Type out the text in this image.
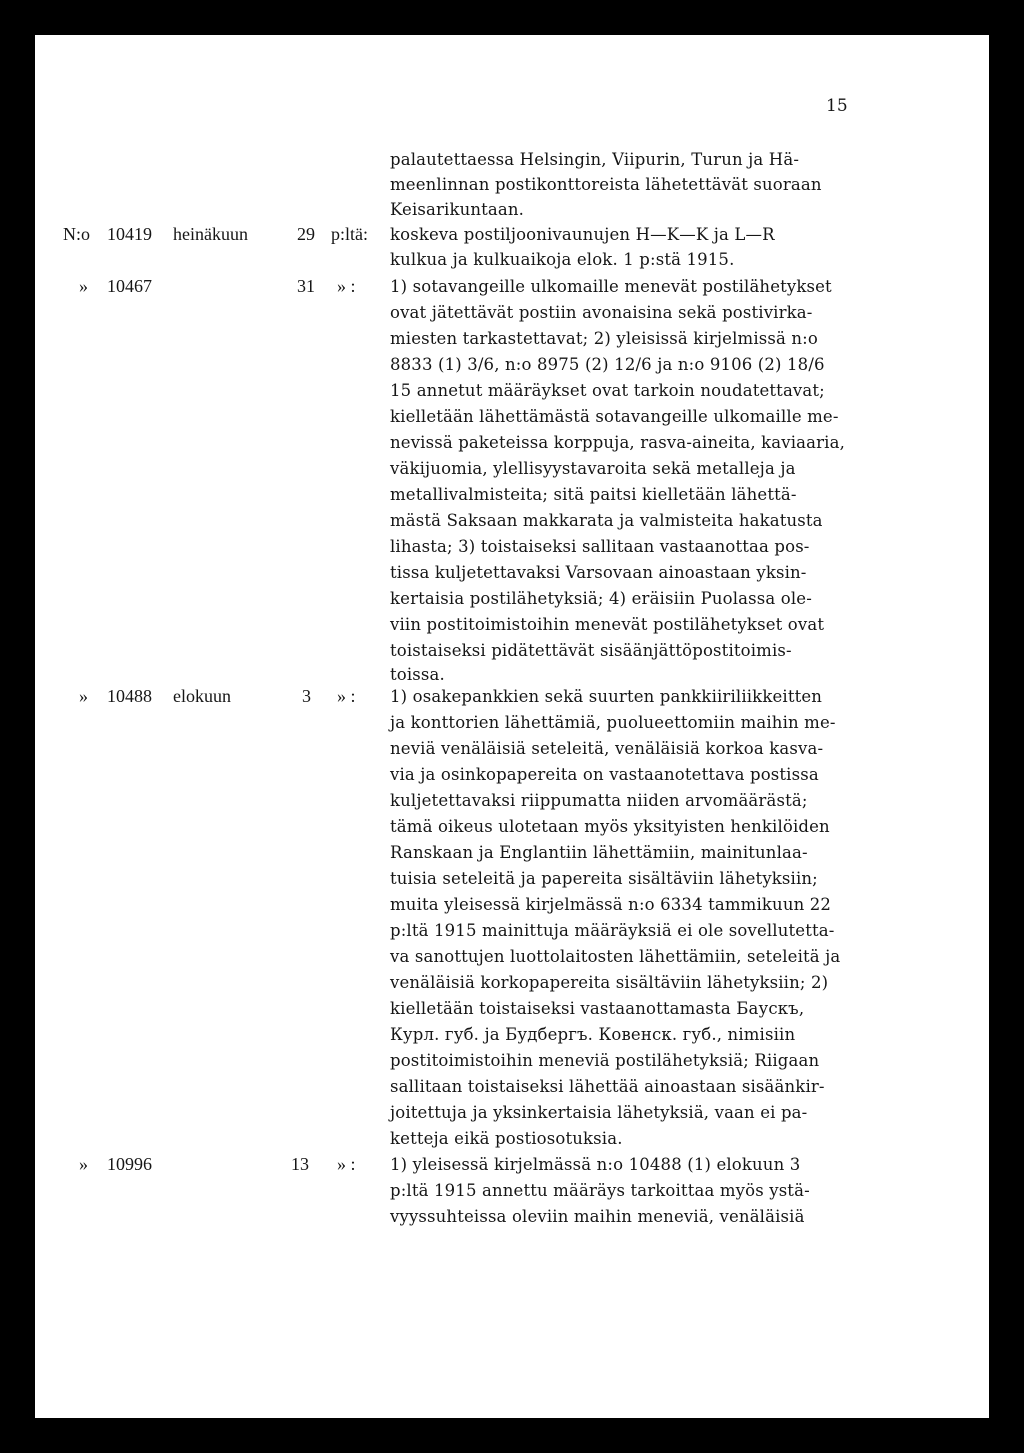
15
palautettaessa Helsingin, Viipurin, Turun ja Hä-
meenlinnan postikonttoreista lähetettävät suoraan
Keisarikuntaan.
N:o 10419 heinäkuun	29 p:ltä: koskeva postiljoonivaunujen H—K—K ja L—R
kulkua ja kulkuaikoja elok. 1 p:stä 1915.
» 10467	31 » : 1) sotavangeille ulkomaille menevät postilähetykset
ovat jätettävät postiin avonaisina sekä postivirka-
miesten tarkastettavat; 2) yleisissä kirjelmissä n:o
8833 (1) 3/6, n:o 8975 (2) 12/6 ja n:o 9106 (2) 18/6
15 annetut määräykset ovat tarkoin noudatettavat;
kielletään lähettämästä sotavangeille ulkomaille me-
nevissä paketeissa korppuja, rasva-aineita, kaviaaria,
väkijuomia, ylellisyystavaroita sekä metalleja ja
metallivalmisteita; sitä paitsi kielletään lähettä-
mästä Saksaan makkarata ja valmisteita hakatusta
lihasta; 3) toistaiseksi sallitaan vastaanottaa pos-
tissa kuljetettavaksi Varsovaan ainoastaan yksin-
kertaisia postilähetyksiä; 4) eräisiin Puolassa ole-
viin postitoimistoihin menevät postilähetykset ovat
toistaiseksi pidätettävät sisäänjättöpostitoimis-
toissa.
» 10488 elokuun	3 » : 1) osakepankkien sekä suurten pankkiiriliikkeitten
ja konttorien lähettämiä, puolueettomiin maihin me-
neviä venäläisiä seteleitä, venäläisiä korkoa kasva-
via ja osinkopapereita on vastaanotettava postissa
kuljetettavaksi riippumatta niiden arvomäärästä;
tämä oikeus ulotetaan myös yksityisten henkilöiden
Ranskaan ja Englantiin lähettämiin, mainitunlaa-
tuisia seteleitä ja papereita sisältäviin lähetyksiin;
muita yleisessä kirjelmässä n:o 6334 tammikuun 22
p:ltä 1915 mainittuja määräyksiä ei ole sovellutetta-
va sanottujen luottolaitosten lähettämiin, seteleitä ja
venäläisiä korkopapereita sisältäviin lähetyksiin; 2)
kielletään toistaiseksi vastaanottamasta Баускъ,
Курл. губ. ja Будбергъ. Ковенск. губ., nimisiin
postitoimistoihin meneviä postilähetyksiä; Riigaan
sallitaan toistaiseksi lähettää ainoastaan sisäänkir-
joitettuja ja yksinkertaisia lähetyksiä, vaan ei pa-
ketteja eikä postiosotuksia.
» 10996	13 » : 1) yleisessä kirjelmässä n:o 10488 (1) elokuun 3
p:ltä 1915 annettu määräys tarkoittaa myös ystä-
vyyssuhteissa oleviin maihin meneviä, venäläisiä
